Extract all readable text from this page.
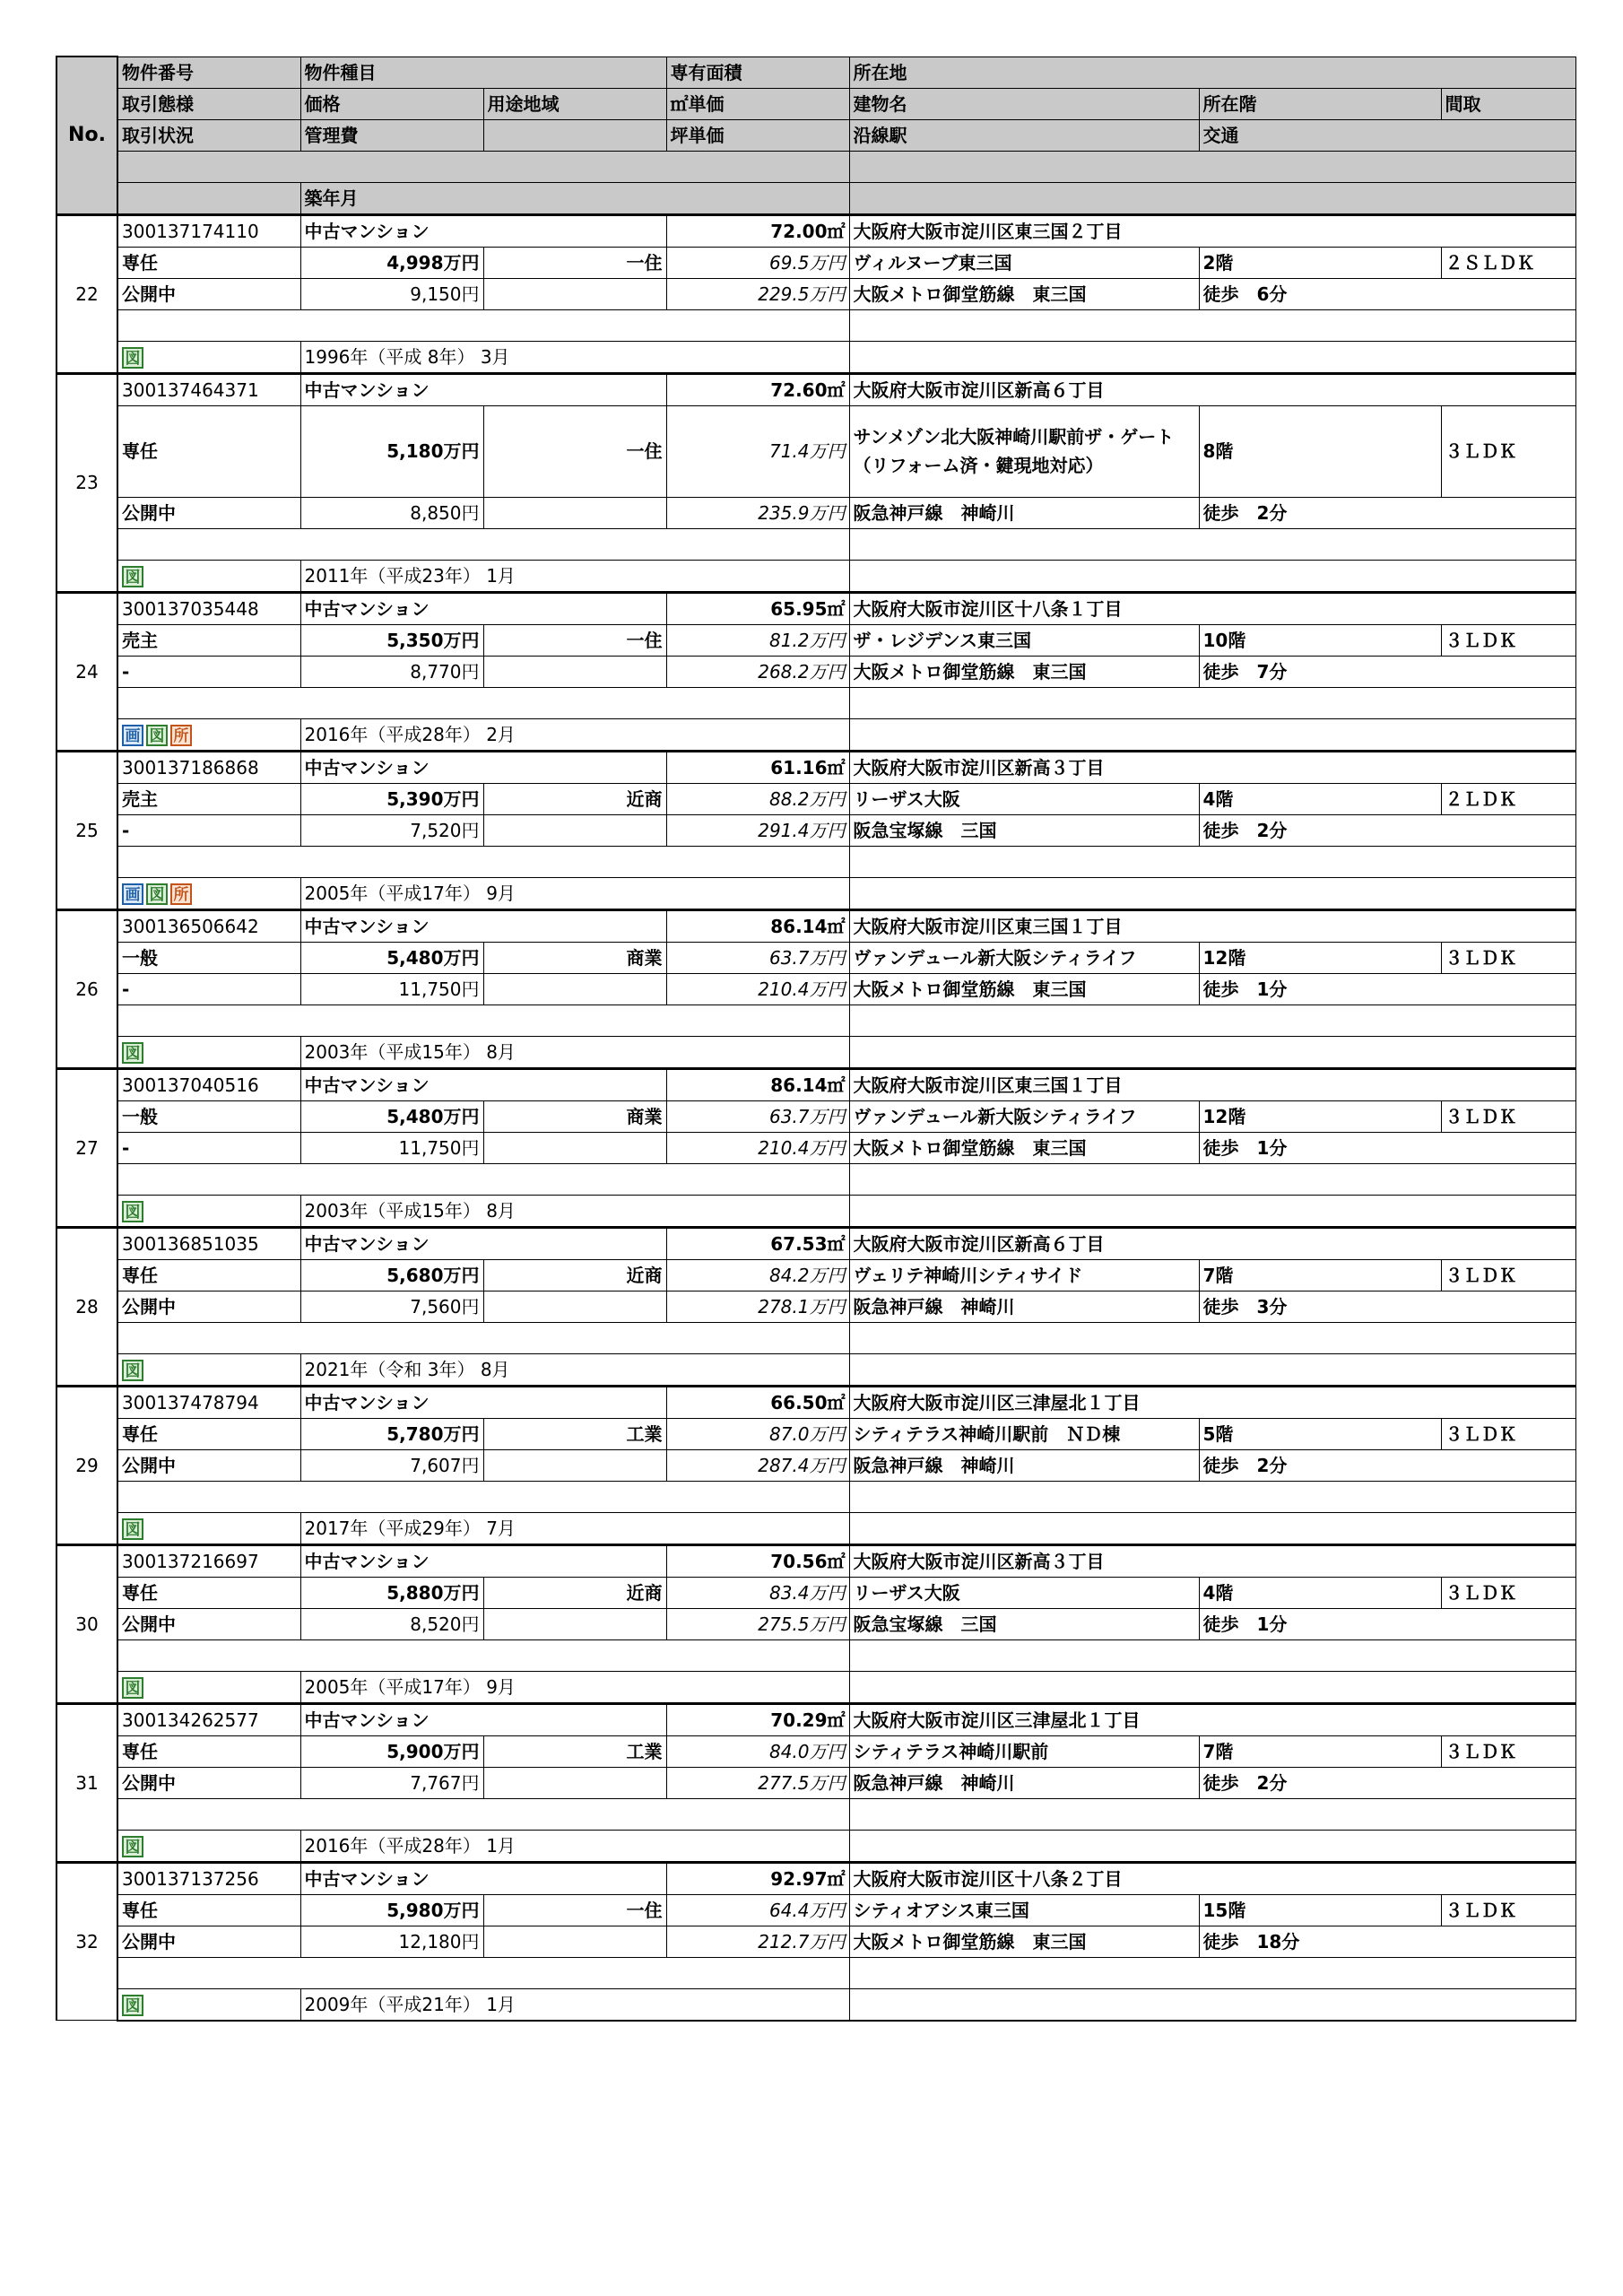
No.	物件番号	物件種目		専有面積	所在地		
	取引態様	価格	用途地域	㎡単価	建物名	所在階	間取
	取引状況	管理費		坪単価	沿線駅	交通	

		築年月					
22	300137174110	中古マンション		72.00㎡	大阪府大阪市淀川区東三国２丁目		
	専任	4,998万円	一住	69.5万円	ヴィルヌーブ東三国	2階	２ＳＬＤＫ
	公開中	9,150円		229.5万円	大阪メトロ御堂筋線　東三国	徒歩　6分	

	図	1996年（平成 8年） 3月					
23	300137464371	中古マンション		72.60㎡	大阪府大阪市淀川区新高６丁目		
	専任	5,180万円	一住	71.4万円	サンメゾン北大阪神崎川駅前ザ・ゲート　（リフォーム済・鍵現地対応）	8階	３ＬＤＫ
	公開中	8,850円		235.9万円	阪急神戸線　神崎川	徒歩　2分	

	図	2011年（平成23年） 1月					
24	300137035448	中古マンション		65.95㎡	大阪府大阪市淀川区十八条１丁目		
	売主	5,350万円	一住	81.2万円	ザ・レジデンス東三国	10階	３ＬＤＫ
	-	8,770円		268.2万円	大阪メトロ御堂筋線　東三国	徒歩　7分	

	画 図 所	2016年（平成28年） 2月					
25	300137186868	中古マンション		61.16㎡	大阪府大阪市淀川区新高３丁目		
	売主	5,390万円	近商	88.2万円	リーザス大阪	4階	２ＬＤＫ
	-	7,520円		291.4万円	阪急宝塚線　三国	徒歩　2分	

	画 図 所	2005年（平成17年） 9月					
26	300136506642	中古マンション		86.14㎡	大阪府大阪市淀川区東三国１丁目		
	一般	5,480万円	商業	63.7万円	ヴァンデュール新大阪シティライフ	12階	３ＬＤＫ
	-	11,750円		210.4万円	大阪メトロ御堂筋線　東三国	徒歩　1分	

	図	2003年（平成15年） 8月					
27	300137040516	中古マンション		86.14㎡	大阪府大阪市淀川区東三国１丁目		
	一般	5,480万円	商業	63.7万円	ヴァンデュール新大阪シティライフ	12階	３ＬＤＫ
	-	11,750円		210.4万円	大阪メトロ御堂筋線　東三国	徒歩　1分	

	図	2003年（平成15年） 8月					
28	300136851035	中古マンション		67.53㎡	大阪府大阪市淀川区新高６丁目		
	専任	5,680万円	近商	84.2万円	ヴェリテ神崎川シティサイド	7階	３ＬＤＫ
	公開中	7,560円		278.1万円	阪急神戸線　神崎川	徒歩　3分	

	図	2021年（令和 3年） 8月					
29	300137478794	中古マンション		66.50㎡	大阪府大阪市淀川区三津屋北１丁目		
	専任	5,780万円	工業	87.0万円	シティテラス神崎川駅前　ＮＤ棟	5階	３ＬＤＫ
	公開中	7,607円		287.4万円	阪急神戸線　神崎川	徒歩　2分	

	図	2017年（平成29年） 7月					
30	300137216697	中古マンション		70.56㎡	大阪府大阪市淀川区新高３丁目		
	専任	5,880万円	近商	83.4万円	リーザス大阪	4階	３ＬＤＫ
	公開中	8,520円		275.5万円	阪急宝塚線　三国	徒歩　1分	

	図	2005年（平成17年） 9月					
31	300134262577	中古マンション		70.29㎡	大阪府大阪市淀川区三津屋北１丁目		
	専任	5,900万円	工業	84.0万円	シティテラス神崎川駅前	7階	３ＬＤＫ
	公開中	7,767円		277.5万円	阪急神戸線　神崎川	徒歩　2分	

	図	2016年（平成28年） 1月					
32	300137137256	中古マンション		92.97㎡	大阪府大阪市淀川区十八条２丁目		
	専任	5,980万円	一住	64.4万円	シティオアシス東三国	15階	３ＬＤＫ
	公開中	12,180円		212.7万円	大阪メトロ御堂筋線　東三国	徒歩　18分	

	図	2009年（平成21年） 1月					
